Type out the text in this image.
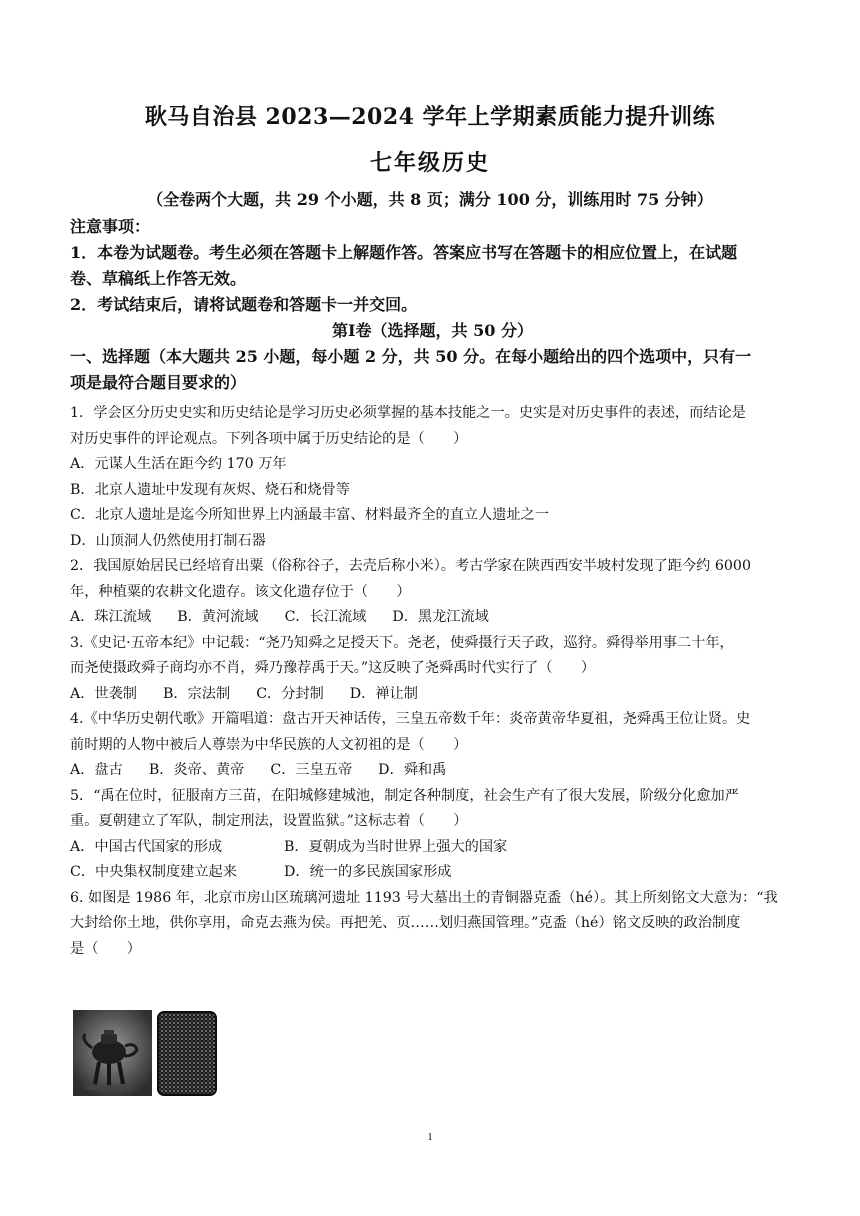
耿马自治县 2023—2024 学年上学期素质能力提升训练
七年级历史
（全卷两个大题，共 29 个小题，共 8 页；满分 100 分，训练用时 75 分钟）
注意事项：
1．本卷为试题卷。考生必须在答题卡上解题作答。答案应书写在答题卡的相应位置上，在试题
卷、草稿纸上作答无效。
2．考试结束后，请将试题卷和答题卡一并交回。
第Ⅰ卷（选择题，共 50 分）
一、选择题（本大题共 25 小题，每小题 2 分，共 50 分。在每小题给出的四个选项中，只有一
项是最符合题目要求的）
1．学会区分历史史实和历史结论是学习历史必须掌握的基本技能之一。史实是对历史事件的表述，而结论是
对历史事件的评论观点。下列各项中属于历史结论的是（　　）
A．元谋人生活在距今约 170 万年
B．北京人遗址中发现有灰烬、烧石和烧骨等
C．北京人遗址是迄今所知世界上内涵最丰富、材料最齐全的直立人遗址之一
D．山顶洞人仍然使用打制石器
2．我国原始居民已经培育出粟（俗称谷子，去壳后称小米）。考古学家在陕西西安半坡村发现了距今约 6000
年，种植粟的农耕文化遗存。该文化遗存位于（　　）
A．珠江流域 B．黄河流域 C．长江流域 D．黑龙江流域
3.《史记·五帝本纪》中记载：“尧乃知舜之足授天下。尧老，使舜摄行天子政，巡狩。舜得举用事二十年，
而尧使摄政舜子商均亦不肖，舜乃豫荐禹于天。”这反映了尧舜禹时代实行了（　　）
A．世袭制 B．宗法制 C．分封制 D．禅让制
4.《中华历史朝代歌》开篇唱道：盘古开天神话传，三皇五帝数千年：炎帝黄帝华夏祖，尧舜禹王位让贤。史
前时期的人物中被后人尊崇为中华民族的人文初祖的是（　　）
A．盘古 B．炎帝、黄帝 C．三皇五帝 D．舜和禹
5．“禹在位时，征服南方三苗，在阳城修建城池，制定各种制度，社会生产有了很大发展，阶级分化愈加严
重。夏朝建立了军队，制定刑法，设置监狱。”这标志着（　　）
A．中国古代国家的形成	B．夏朝成为当时世界上强大的国家
C．中央集权制度建立起来	D．统一的多民族国家形成
6. 如图是 1986 年，北京市房山区琉璃河遗址 1193 号大墓出土的青铜器克盉（hé）。其上所刻铭文大意为：“我
大封给你土地，供你享用，命克去燕为侯。再把羌、页……划归燕国管理。”克盉（hé）铭文反映的政治制度
是（　　）
1
